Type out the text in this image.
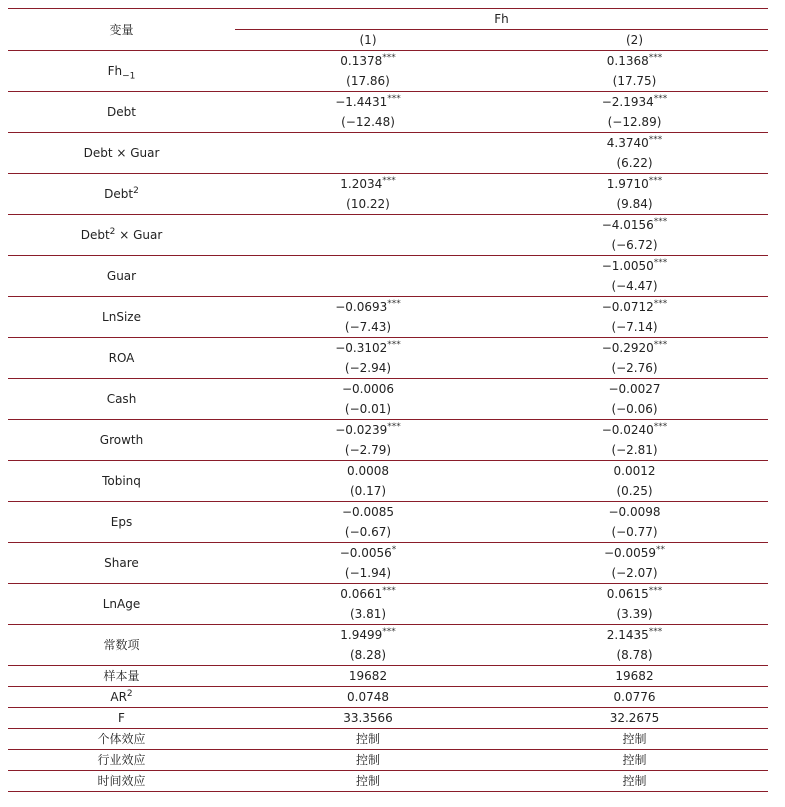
变量	Fh	
	(1)	(2)
$Fh_{-1}$	0.1378***	0.1368***
	(17.86)	(17.75)
Debt	−1.4431***	−2.1934***
	(−12.48)	(−12.89)
Debt × Guar		4.3740***
		(6.22)
Debt$^2$	1.2034***	1.9710***
	(10.22)	(9.84)
Debt$^2$ × Guar		−4.0156***
		(−6.72)
Guar		−1.0050***
		(−4.47)
LnSize	−0.0693***	−0.0712***
	(−7.43)	(−7.14)
ROA	−0.3102***	−0.2920***
	(−2.94)	(−2.76)
Cash	−0.0006	−0.0027
	(−0.01)	(−0.06)
Growth	−0.0239***	−0.0240***
	(−2.79)	(−2.81)
Tobinq	0.0008	0.0012
	(0.17)	(0.25)
Eps	−0.0085	−0.0098
	(−0.67)	(−0.77)
Share	−0.0056*	−0.0059**
	(−1.94)	(−2.07)
LnAge	0.0661***	0.0615***
	(3.81)	(3.39)
常数项	1.9499***	2.1435***
	(8.28)	(8.78)
样本量	19682	19682
$AR^2$	0.0748	0.0776
F	33.3566	32.2675
个体效应	控制	控制
行业效应	控制	控制
时间效应	控制	控制
